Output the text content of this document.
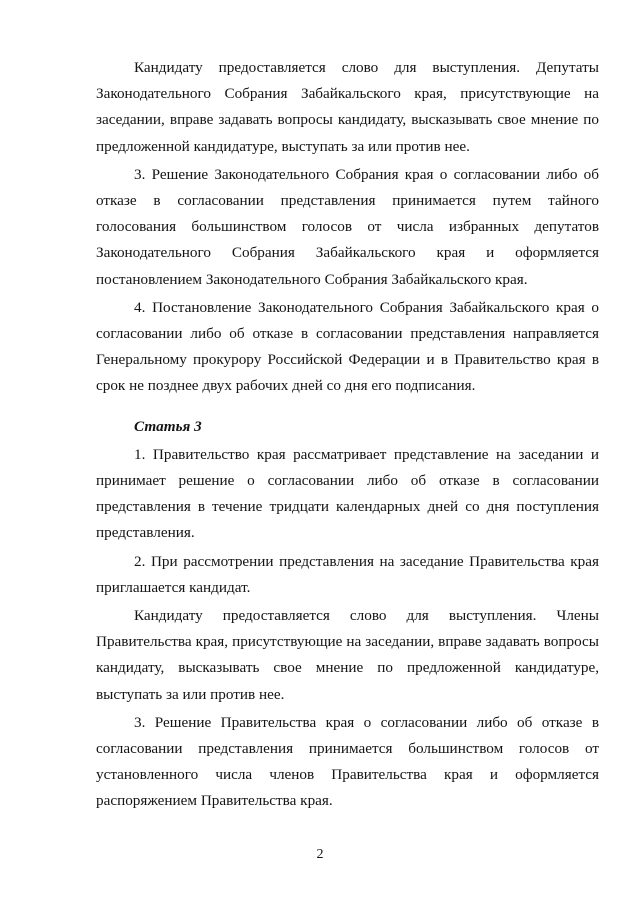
Кандидату предоставляется слово для выступления. Депутаты Законодательного Собрания Забайкальского края, присутствующие на заседании, вправе задавать вопросы кандидату, высказывать свое мнение по предложенной кандидатуре, выступать за или против нее.

3. Решение Законодательного Собрания края о согласовании либо об отказе в согласовании представления принимается путем тайного голосования большинством голосов от числа избранных депутатов Законодательного Собрания Забайкальского края и оформляется постановлением Законодательного Собрания Забайкальского края.

4. Постановление Законодательного Собрания Забайкальского края о согласовании либо об отказе в согласовании представления направляется Генеральному прокурору Российской Федерации и в Правительство края в срок не позднее двух рабочих дней со дня его подписания.

Статья 3

1. Правительство края рассматривает представление на заседании и принимает решение о согласовании либо об отказе в согласовании представления в течение тридцати календарных дней со дня поступления представления.

2. При рассмотрении представления на заседание Правительства края приглашается кандидат.

Кандидату предоставляется слово для выступления. Члены Правительства края, присутствующие на заседании, вправе задавать вопросы кандидату, высказывать свое мнение по предложенной кандидатуре, выступать за или против нее.

3. Решение Правительства края о согласовании либо об отказе в согласовании представления принимается большинством голосов от установленного числа членов Правительства края и оформляется распоряжением Правительства края.

2
